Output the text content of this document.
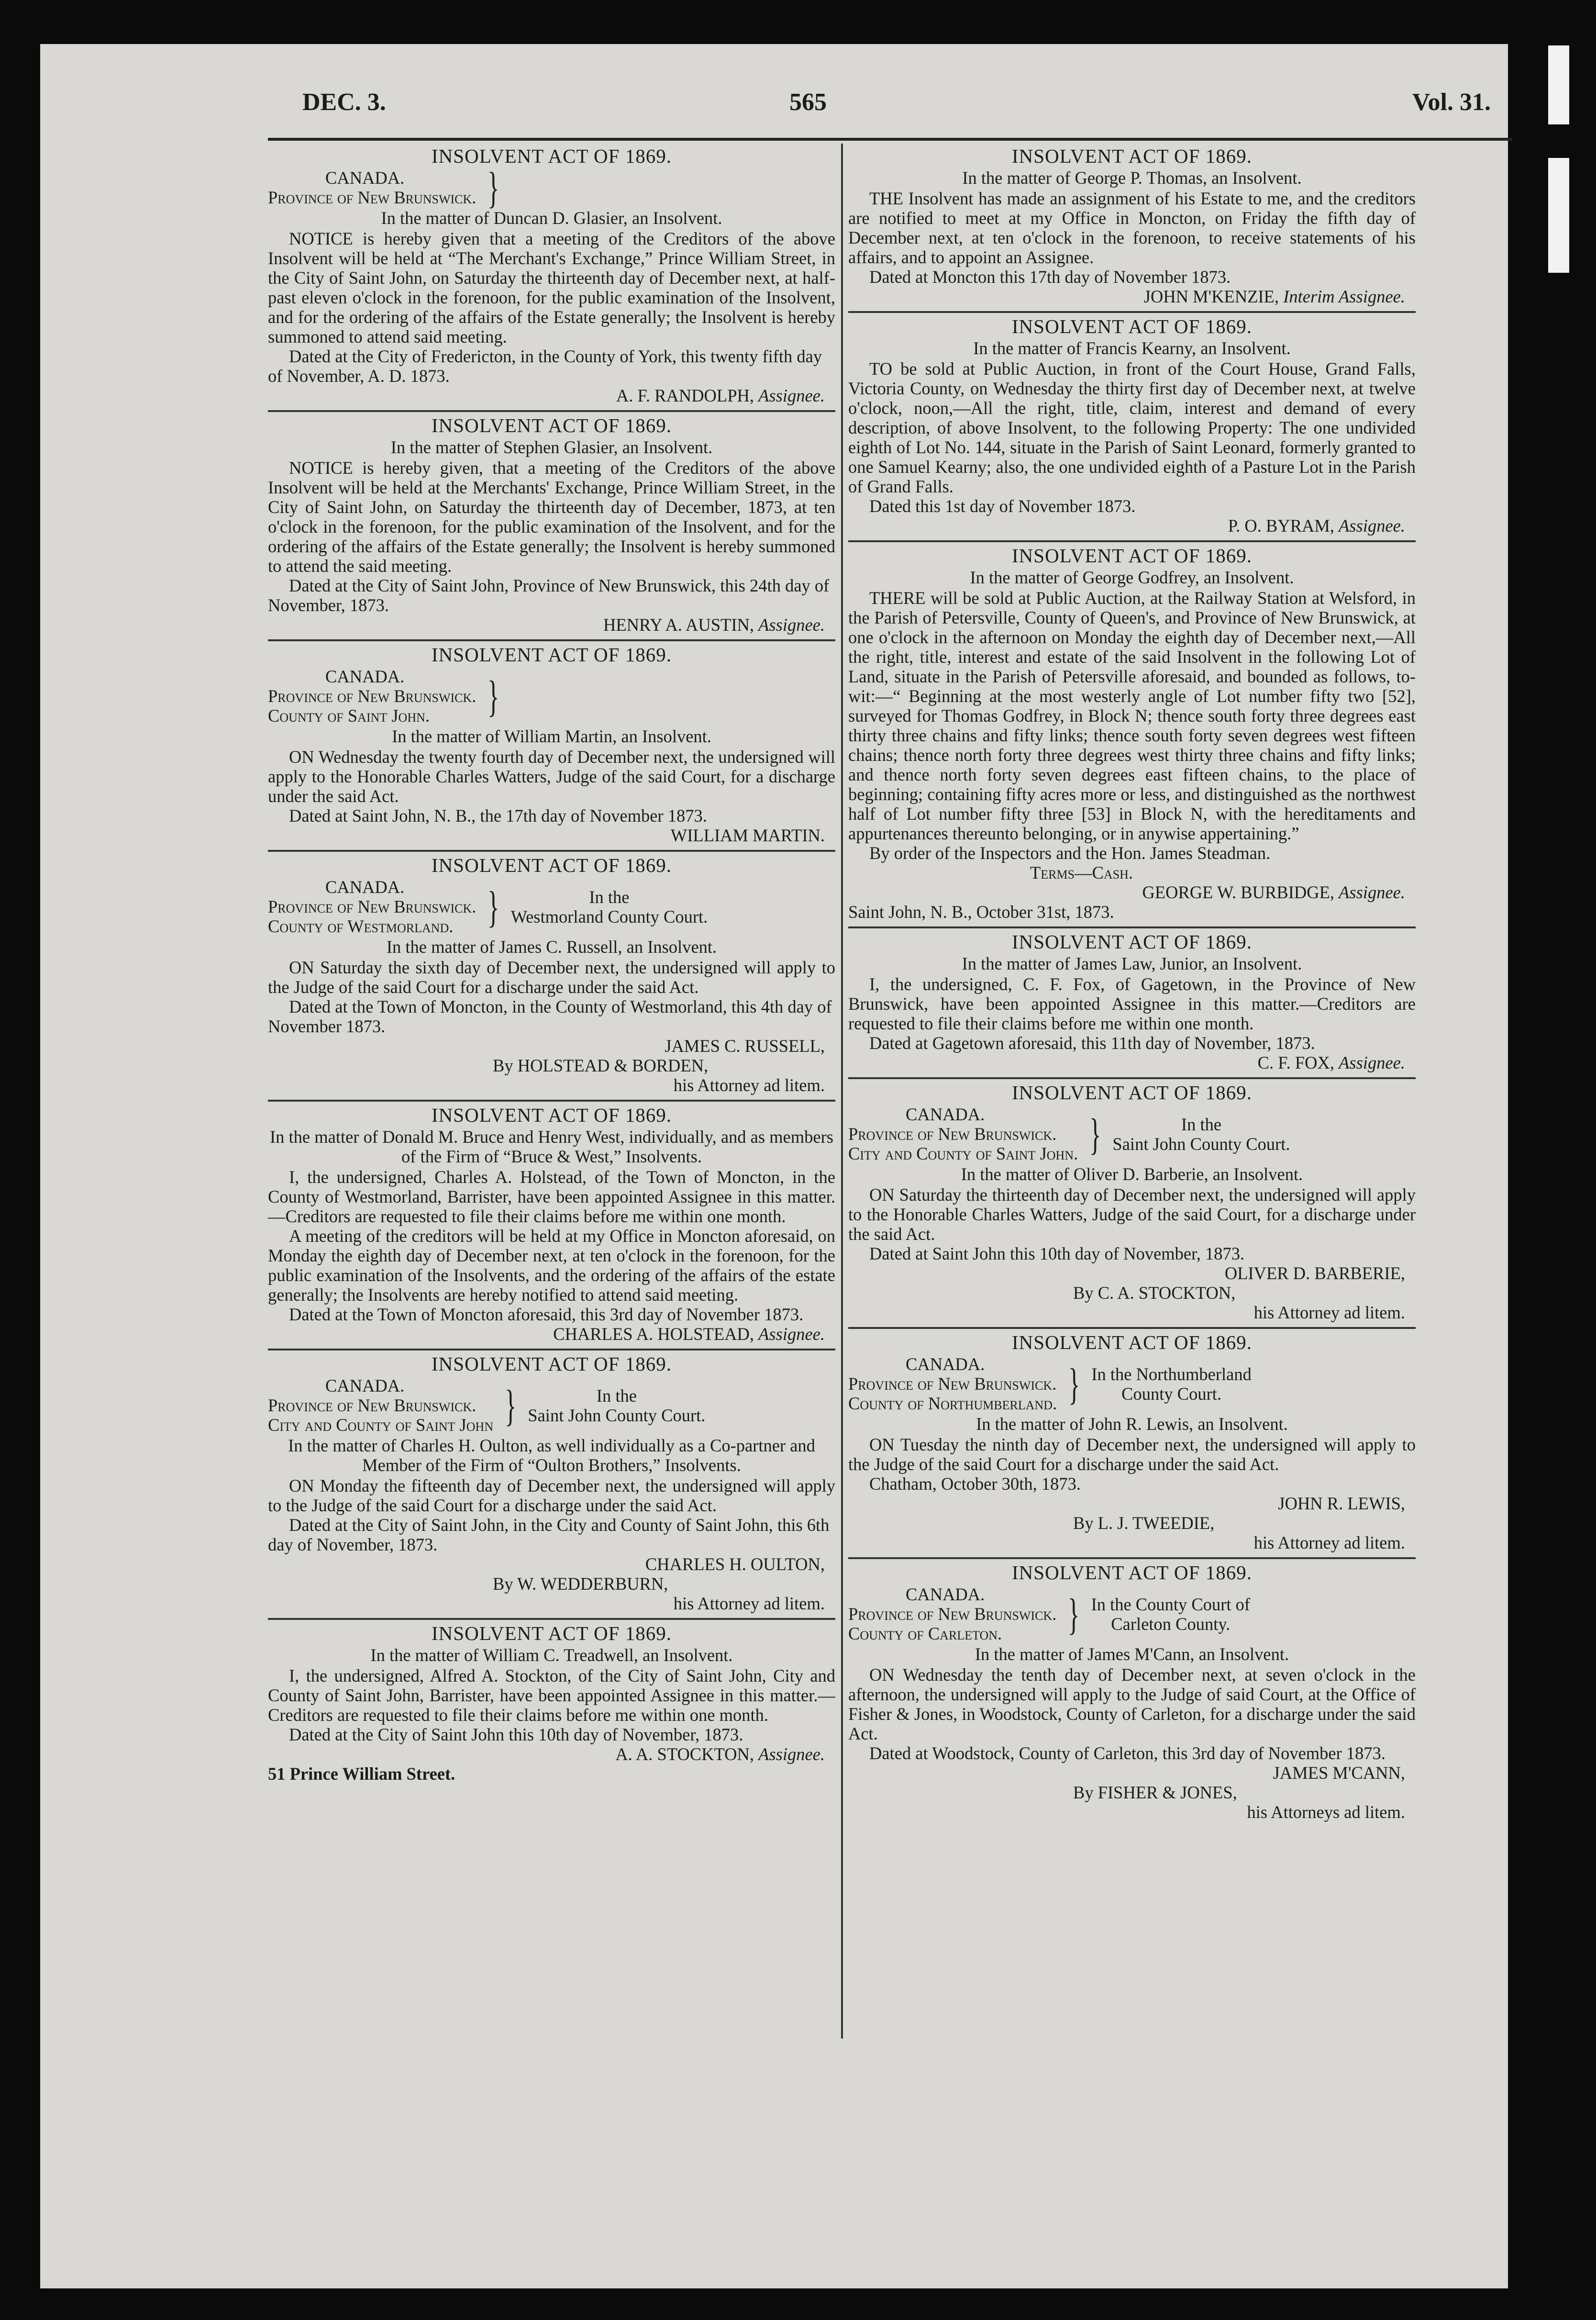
DEC. 3.	565	Vol. 31.
INSOLVENT ACT OF 1869.
CANADA.
Province of New Brunswick. }

In the matter of Duncan D. Glasier, an Insolvent.

NOTICE is hereby given that a meeting of the Creditors of the above Insolvent will be held at “The Merchant's Exchange,” Prince William Street, in the City of Saint John, on Saturday the thirteenth day of December next, at half-past eleven o'clock in the forenoon, for the public examination of the Insolvent, and for the ordering of the affairs of the Estate generally; the Insolvent is hereby summoned to attend said meeting.

Dated at the City of Fredericton, in the County of York, this twenty fifth day of November, A. D. 1873.

A. F. RANDOLPH, Assignee.

INSOLVENT ACT OF 1869.

In the matter of Stephen Glasier, an Insolvent.

NOTICE is hereby given, that a meeting of the Creditors of the above Insolvent will be held at the Merchants' Exchange, Prince William Street, in the City of Saint John, on Saturday the thirteenth day of December, 1873, at ten o'clock in the forenoon, for the public examination of the Insolvent, and for the ordering of the affairs of the Estate generally; the Insolvent is hereby summoned to attend the said meeting.

Dated at the City of Saint John, Province of New Brunswick, this 24th day of November, 1873.

HENRY A. AUSTIN, Assignee.

INSOLVENT ACT OF 1869.
CANADA.
Province of New Brunswick.
County of Saint John.	}

In the matter of William Martin, an Insolvent.

ON Wednesday the twenty fourth day of December next, the undersigned will apply to the Honorable Charles Watters, Judge of the said Court, for a discharge under the said Act.

Dated at Saint John, N. B., the 17th day of November 1873.

WILLIAM MARTIN.

INSOLVENT ACT OF 1869.
CANADA.
Province of New Brunswick.
County of Westmorland. }	In the
Westmorland County Court.

In the matter of James C. Russell, an Insolvent.

ON Saturday the sixth day of December next, the undersigned will apply to the Judge of the said Court for a discharge under the said Act.

Dated at the Town of Moncton, in the County of Westmorland, this 4th day of November 1873.

JAMES C. RUSSELL,

By HOLSTEAD & BORDEN,

his Attorney ad litem.

INSOLVENT ACT OF 1869.

In the matter of Donald M. Bruce and Henry West, individually, and as members of the Firm of “Bruce & West,” Insolvents.

I, the undersigned, Charles A. Holstead, of the Town of Moncton, in the County of Westmorland, Barrister, have been appointed Assignee in this matter.—Creditors are requested to file their claims before me within one month.

A meeting of the creditors will be held at my Office in Moncton aforesaid, on Monday the eighth day of December next, at ten o'clock in the forenoon, for the public examination of the Insolvents, and the ordering of the affairs of the estate generally; the Insolvents are hereby notified to attend said meeting.

Dated at the Town of Moncton aforesaid, this 3rd day of November 1873.

CHARLES A. HOLSTEAD, Assignee.

INSOLVENT ACT OF 1869.
CANADA.
Province of New Brunswick.
City and County of Saint John }	In the
Saint John County Court.

In the matter of Charles H. Oulton, as well individually as a Co-partner and Member of the Firm of “Oulton Brothers,” Insolvents.

ON Monday the fifteenth day of December next, the undersigned will apply to the Judge of the said Court for a discharge under the said Act.

Dated at the City of Saint John, in the City and County of Saint John, this 6th day of November, 1873.

CHARLES H. OULTON,

By W. WEDDERBURN,

his Attorney ad litem.

INSOLVENT ACT OF 1869.

In the matter of William C. Treadwell, an Insolvent.

I, the undersigned, Alfred A. Stockton, of the City of Saint John, City and County of Saint John, Barrister, have been appointed Assignee in this matter.—Creditors are requested to file their claims before me within one month.

Dated at the City of Saint John this 10th day of November, 1873.

A. A. STOCKTON, Assignee.

51 Prince William Street.

INSOLVENT ACT OF 1869.

In the matter of George P. Thomas, an Insolvent.

THE Insolvent has made an assignment of his Estate to me, and the creditors are notified to meet at my Office in Moncton, on Friday the fifth day of December next, at ten o'clock in the forenoon, to receive statements of his affairs, and to appoint an Assignee.

Dated at Moncton this 17th day of November 1873.

JOHN M'KENZIE, Interim Assignee.

INSOLVENT ACT OF 1869.

In the matter of Francis Kearny, an Insolvent.

TO be sold at Public Auction, in front of the Court House, Grand Falls, Victoria County, on Wednesday the thirty first day of December next, at twelve o'clock, noon,—All the right, title, claim, interest and demand of every description, of above Insolvent, to the following Property: The one undivided eighth of Lot No. 144, situate in the Parish of Saint Leonard, formerly granted to one Samuel Kearny; also, the one undivided eighth of a Pasture Lot in the Parish of Grand Falls.

Dated this 1st day of November 1873.

P. O. BYRAM, Assignee.

INSOLVENT ACT OF 1869.

In the matter of George Godfrey, an Insolvent.

THERE will be sold at Public Auction, at the Railway Station at Welsford, in the Parish of Petersville, County of Queen's, and Province of New Brunswick, at one o'clock in the afternoon on Monday the eighth day of December next,—All the right, title, interest and estate of the said Insolvent in the following Lot of Land, situate in the Parish of Petersville aforesaid, and bounded as follows, to-wit:—“ Beginning at the most westerly angle of Lot number fifty two [52], surveyed for Thomas Godfrey, in Block N; thence south forty three degrees east thirty three chains and fifty links; thence south forty seven degrees west fifteen chains; thence north forty three degrees west thirty three chains and fifty links; and thence north forty seven degrees east fifteen chains, to the place of beginning; containing fifty acres more or less, and distinguished as the northwest half of Lot number fifty three [53] in Block N, with the hereditaments and appurtenances thereunto belonging, or in anywise appertaining.”

By order of the Inspectors and the Hon. James Steadman.

Terms—Cash.

GEORGE W. BURBIDGE, Assignee.

Saint John, N. B., October 31st, 1873.

INSOLVENT ACT OF 1869.

In the matter of James Law, Junior, an Insolvent.

I, the undersigned, C. F. Fox, of Gagetown, in the Province of New Brunswick, have been appointed Assignee in this matter.—Creditors are requested to file their claims before me within one month.

Dated at Gagetown aforesaid, this 11th day of November, 1873.

C. F. FOX, Assignee.

INSOLVENT ACT OF 1869.
CANADA.
Province of New Brunswick.
City and County of Saint John. }	In the
Saint John County Court.

In the matter of Oliver D. Barberie, an Insolvent.

ON Saturday the thirteenth day of December next, the undersigned will apply to the Honorable Charles Watters, Judge of the said Court, for a discharge under the said Act.

Dated at Saint John this 10th day of November, 1873.

OLIVER D. BARBERIE,

By C. A. STOCKTON,

his Attorney ad litem.

INSOLVENT ACT OF 1869.
CANADA.
Province of New Brunswick.
County of Northumberland. } In the Northumberland
County Court.

In the matter of John R. Lewis, an Insolvent.

ON Tuesday the ninth day of December next, the undersigned will apply to the Judge of the said Court for a discharge under the said Act.

Chatham, October 30th, 1873.

JOHN R. LEWIS,

By L. J. TWEEDIE,

his Attorney ad litem.

INSOLVENT ACT OF 1869.
CANADA.
Province of New Brunswick.
County of Carleton.	} In the County Court of
Carleton County.

In the matter of James M'Cann, an Insolvent.

ON Wednesday the tenth day of December next, at seven o'clock in the afternoon, the undersigned will apply to the Judge of said Court, at the Office of Fisher & Jones, in Woodstock, County of Carleton, for a discharge under the said Act.

Dated at Woodstock, County of Carleton, this 3rd day of November 1873.

JAMES M'CANN,

By FISHER & JONES,

his Attorneys ad litem.
